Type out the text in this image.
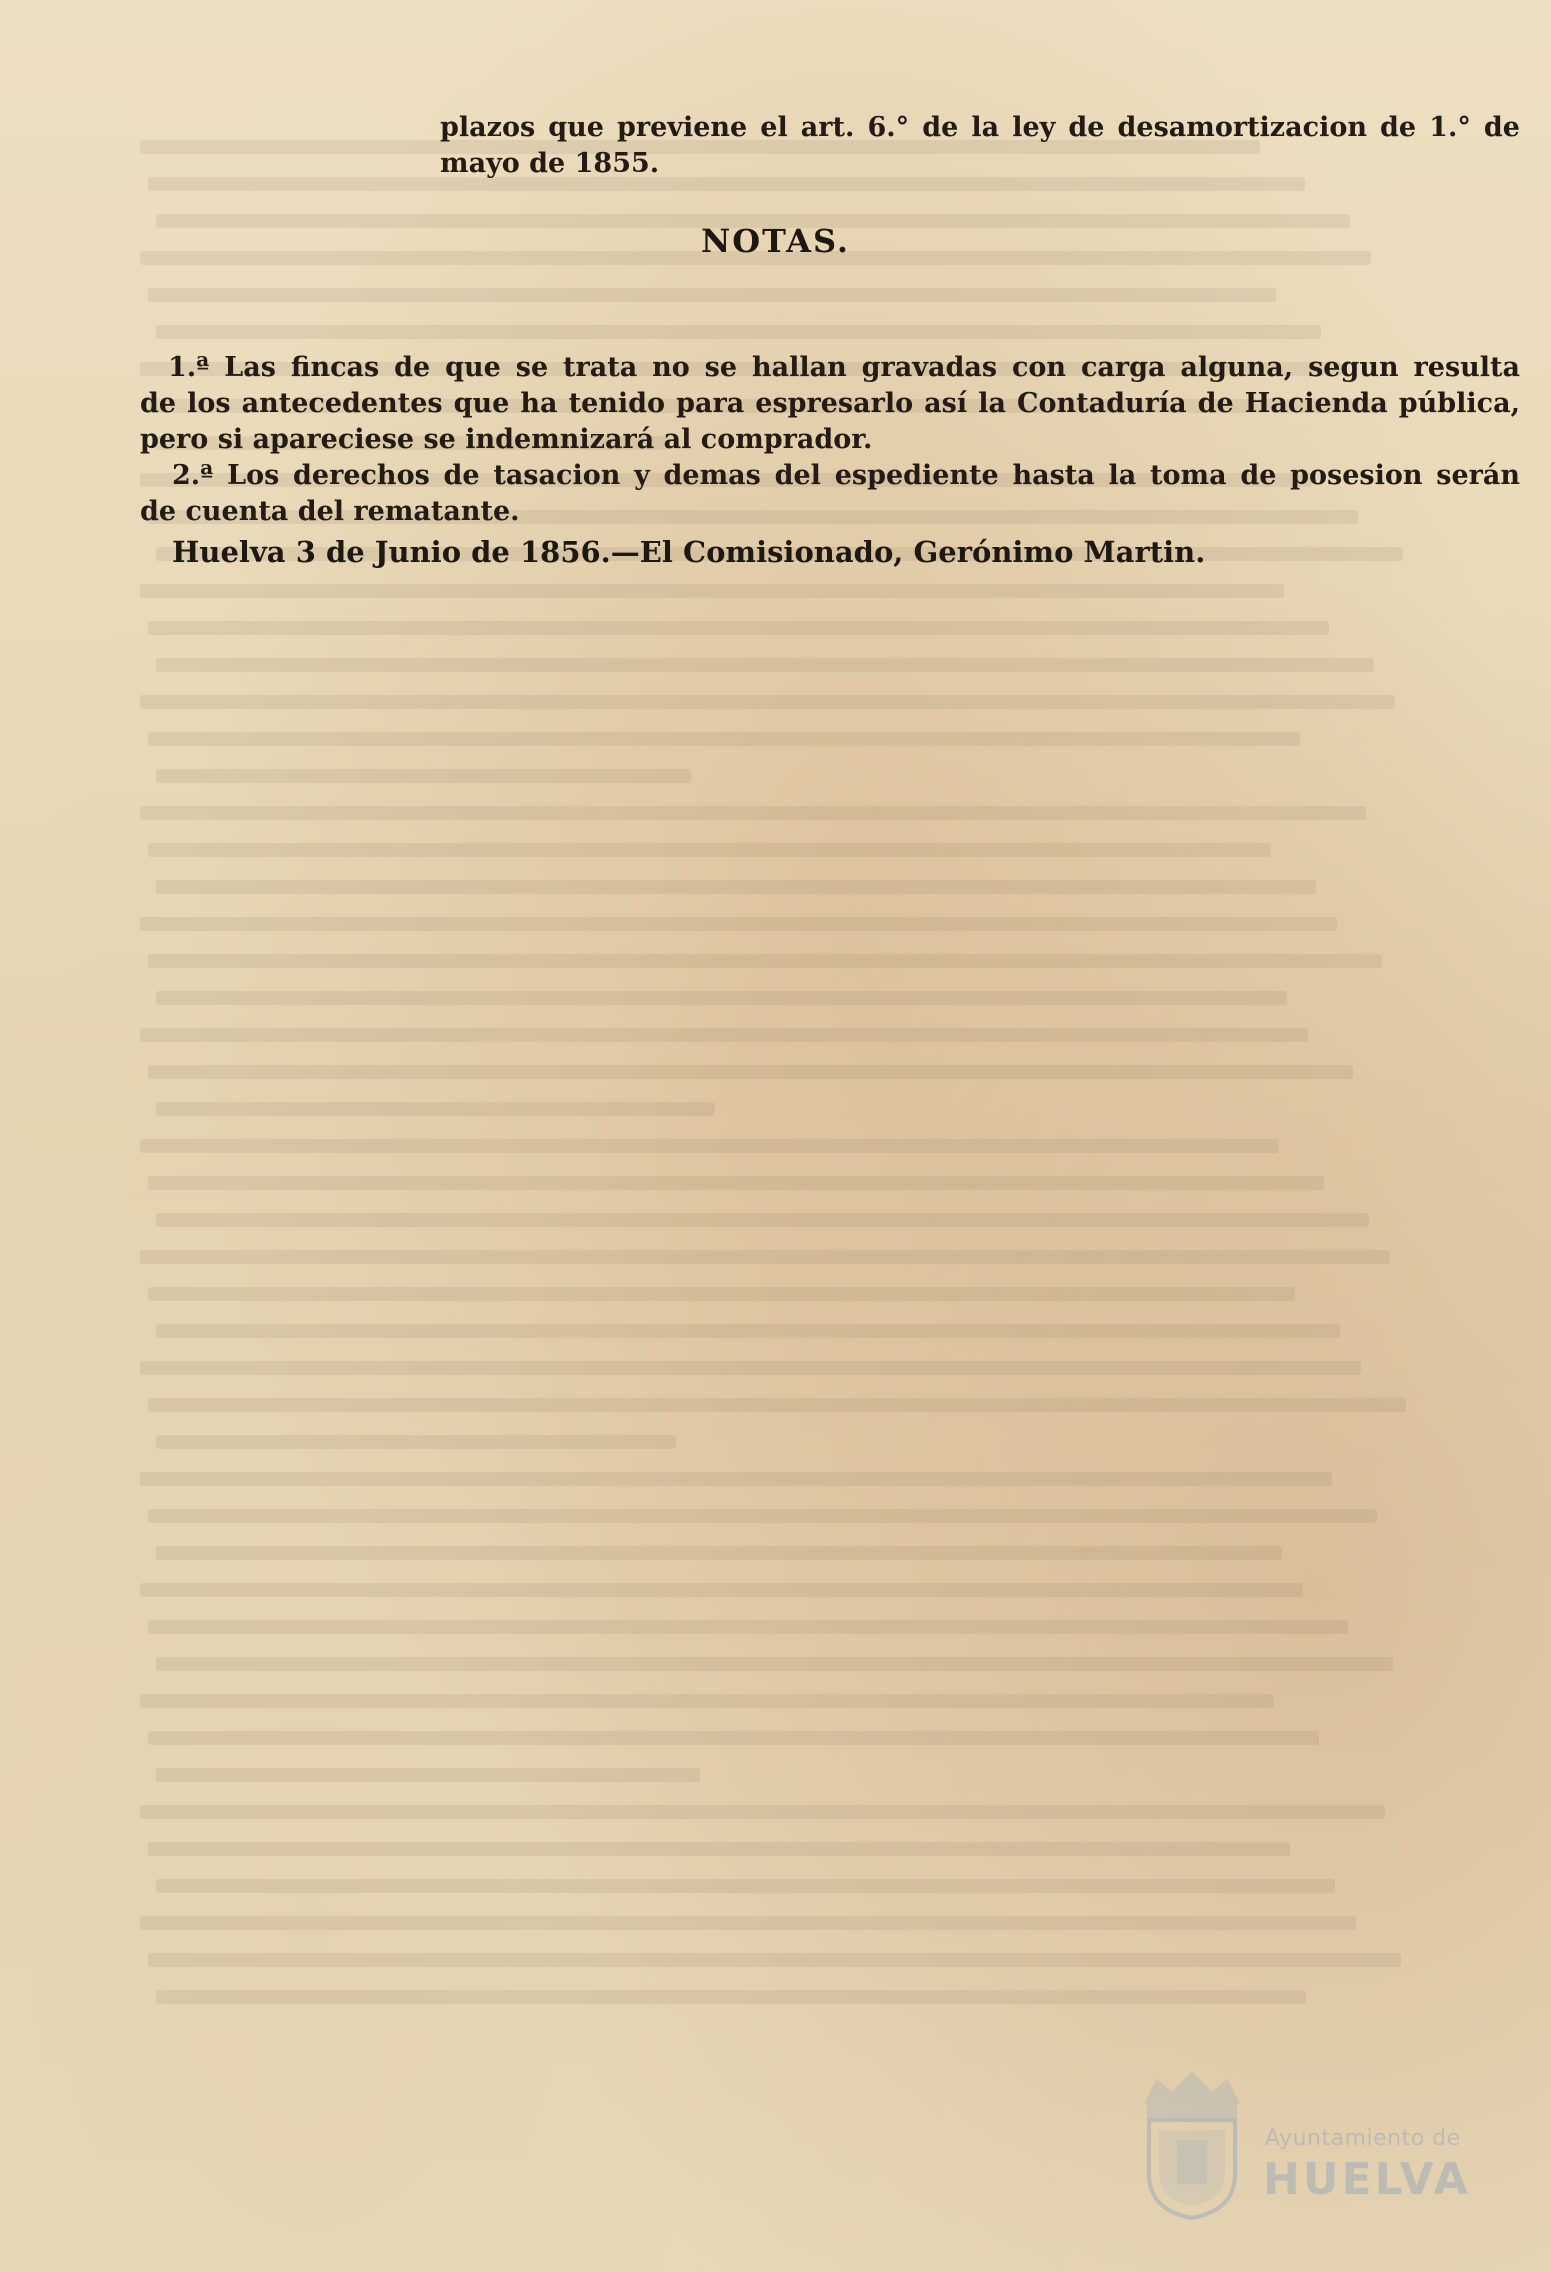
plazos que previene el art. 6.° de la ley de desamortizacion de 1.° de
mayo de 1855.
NOTAS.
1.ª Las fincas de que se trata no se hallan gravadas con carga alguna, segun resulta
de los antecedentes que ha tenido para espresarlo así la Contaduría de Hacienda pública,
pero si apareciese se indemnizará al comprador.
2.ª Los derechos de tasacion y demas del espediente hasta la toma de posesion serán
de cuenta del rematante.
Huelva 3 de Junio de 1856.—El Comisionado, Gerónimo Martin.
Ayuntamiento de
HUELVA
